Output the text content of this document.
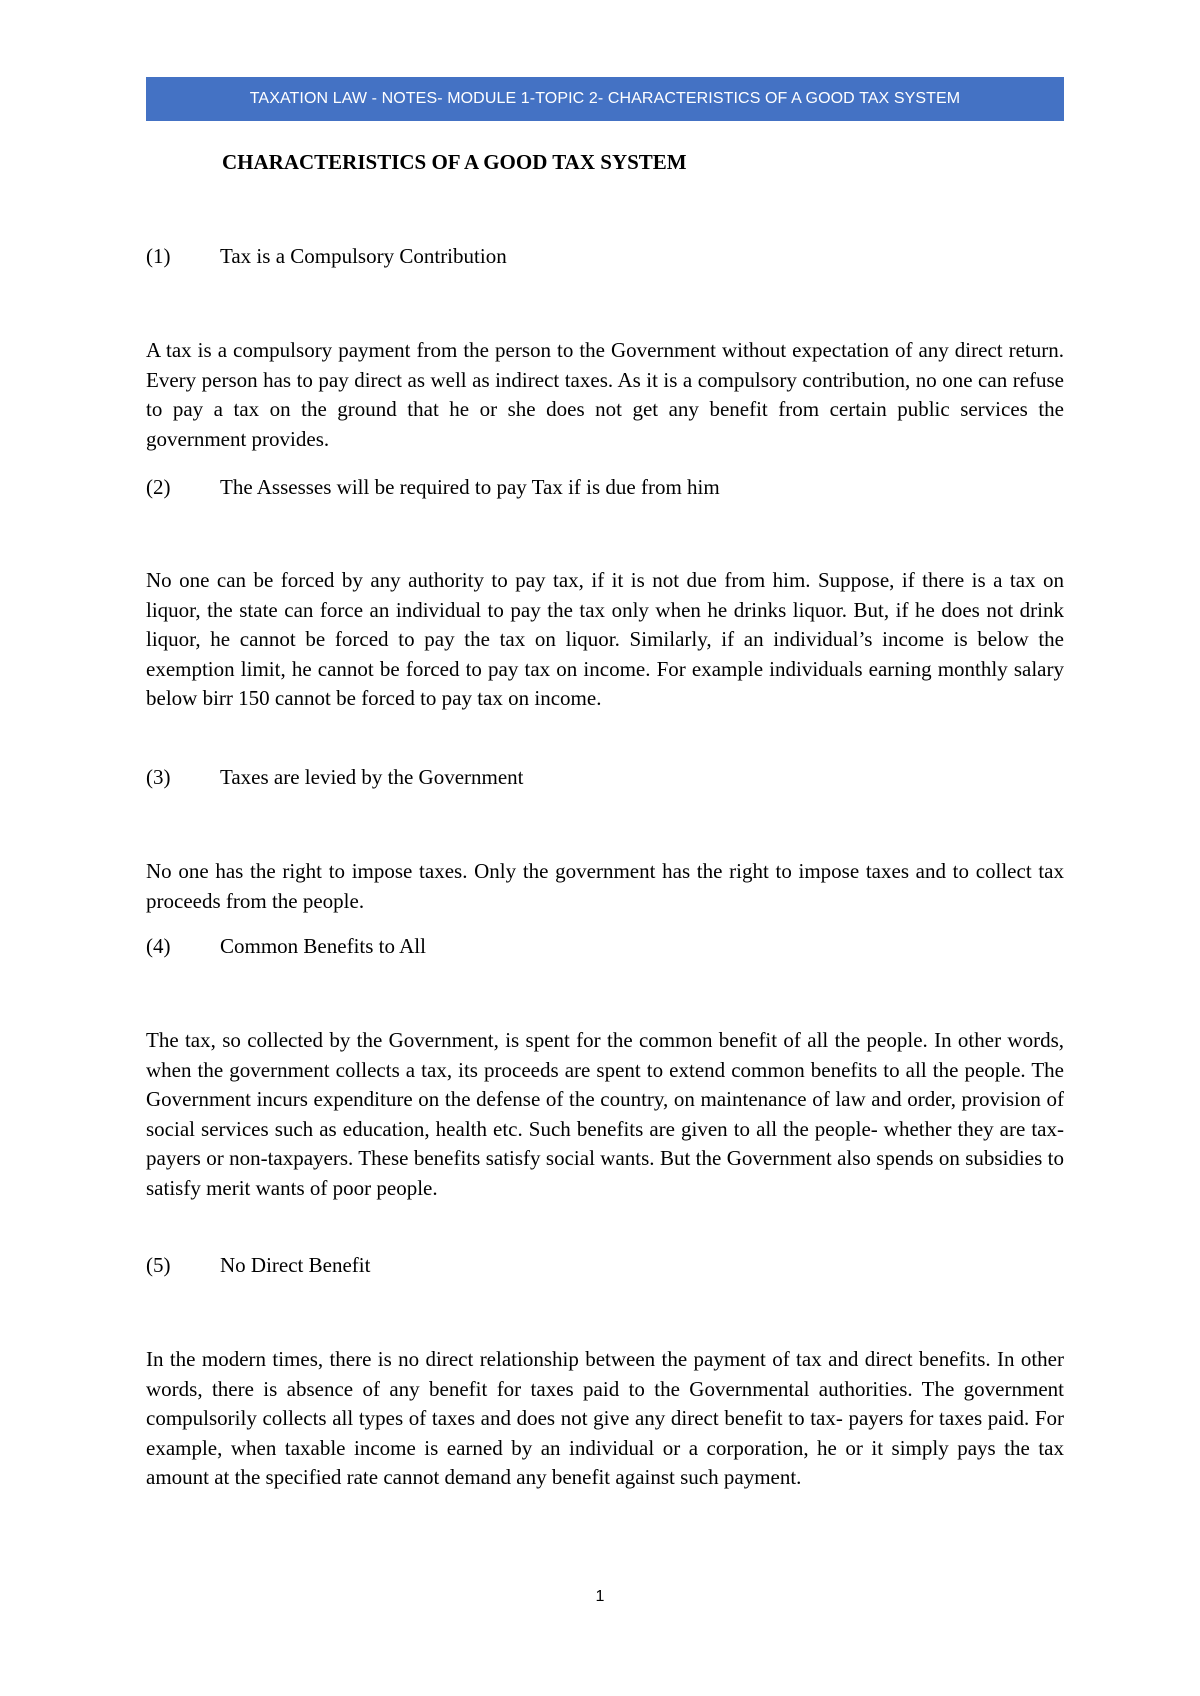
TAXATION LAW - NOTES- MODULE 1-TOPIC 2- CHARACTERISTICS OF A GOOD TAX SYSTEM
CHARACTERISTICS OF A GOOD TAX SYSTEM
(1) Tax is a Compulsory Contribution
A tax is a compulsory payment from the person to the Government without expectation of any direct return. Every person has to pay direct as well as indirect taxes. As it is a compulsory contribution, no one can refuse to pay a tax on the ground that he or she does not get any benefit from certain public services the government provides.
(2) The Assesses will be required to pay Tax if is due from him
No one can be forced by any authority to pay tax, if it is not due from him. Suppose, if there is a tax on liquor, the state can force an individual to pay the tax only when he drinks liquor. But, if he does not drink liquor, he cannot be forced to pay the tax on liquor. Similarly, if an individual’s income is below the exemption limit, he cannot be forced to pay tax on income. For example individuals earning monthly salary below birr 150 cannot be forced to pay tax on income.
(3) Taxes are levied by the Government
No one has the right to impose taxes. Only the government has the right to impose taxes and to collect tax proceeds from the people.
(4) Common Benefits to All
The tax, so collected by the Government, is spent for the common benefit of all the people. In other words, when the government collects a tax, its proceeds are spent to extend common benefits to all the people. The Government incurs expenditure on the defense of the country, on maintenance of law and order, provision of social services such as education, health etc. Such benefits are given to all the people- whether they are tax-payers or non-taxpayers. These benefits satisfy social wants. But the Government also spends on subsidies to satisfy merit wants of poor people.
(5) No Direct Benefit
In the modern times, there is no direct relationship between the payment of tax and direct benefits. In other words, there is absence of any benefit for taxes paid to the Governmental authorities. The government compulsorily collects all types of taxes and does not give any direct benefit to tax- payers for taxes paid. For example, when taxable income is earned by an individual or a corporation, he or it simply pays the tax amount at the specified rate cannot demand any benefit against such payment.
1
